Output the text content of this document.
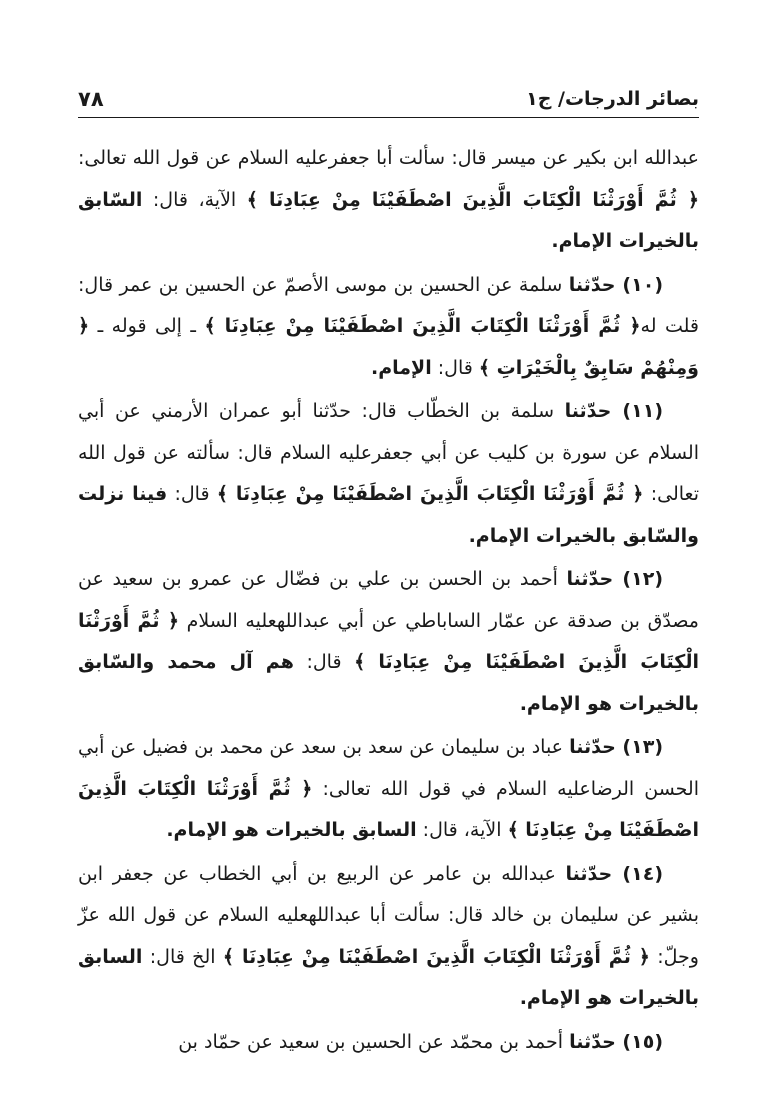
بصائر الدرجات/ ج١
٧٨

عبدالله ابن بكير عن ميسر قال: سألت أبا جعفرعليه السلام عن قول الله تعالى: ﴿ ثُمَّ أَوْرَثْنَا الْكِتَابَ الَّذِينَ اصْطَفَيْنَا مِنْ عِبَادِنَا ﴾ الآية، قال: السّابق بالخيرات الإمام.

(١٠) حدّثنا سلمة عن الحسين بن موسى الأصمّ عن الحسين بن عمر قال: قلت له﴿ ثُمَّ أَوْرَثْنَا الْكِتَابَ الَّذِينَ اصْطَفَيْنَا مِنْ عِبَادِنَا ﴾ ـ إلى قوله ـ ﴿ وَمِنْهُمْ سَابِقٌ بِالْخَيْرَاتِ ﴾ قال: الإمام.

(١١) حدّثنا سلمة بن الخطّاب قال: حدّثنا أبو عمران الأرمني عن أبي السلام عن سورة بن كليب عن أبي جعفرعليه السلام قال: سألته عن قول الله تعالى: ﴿ ثُمَّ أَوْرَثْنَا الْكِتَابَ الَّذِينَ اصْطَفَيْنَا مِنْ عِبَادِنَا ﴾ قال: فينا نزلت والسّابق بالخيرات الإمام.

(١٢) حدّثنا أحمد بن الحسن بن علي بن فضّال عن عمرو بن سعيد عن مصدّق بن صدقة عن عمّار الساباطي عن أبي عبداللهعليه السلام ﴿ ثُمَّ أَوْرَثْنَا الْكِتَابَ الَّذِينَ اصْطَفَيْنَا مِنْ عِبَادِنَا ﴾ قال: هم آل محمد والسّابق بالخيرات هو الإمام.

(١٣) حدّثنا عباد بن سليمان عن سعد بن سعد عن محمد بن فضيل عن أبي الحسن الرضاعليه السلام في قول الله تعالى: ﴿ ثُمَّ أَوْرَثْنَا الْكِتَابَ الَّذِينَ اصْطَفَيْنَا مِنْ عِبَادِنَا ﴾ الآية، قال: السابق بالخيرات هو الإمام.

(١٤) حدّثنا عبدالله بن عامر عن الربيع بن أبي الخطاب عن جعفر ابن بشير عن سليمان بن خالد قال: سألت أبا عبداللهعليه السلام عن قول الله عزّ وجلّ: ﴿ ثُمَّ أَوْرَثْنَا الْكِتَابَ الَّذِينَ اصْطَفَيْنَا مِنْ عِبَادِنَا ﴾ الخ قال: السابق بالخيرات هو الإمام.

(١٥) حدّثنا أحمد بن محمّد عن الحسين بن سعيد عن حمّاد بن
